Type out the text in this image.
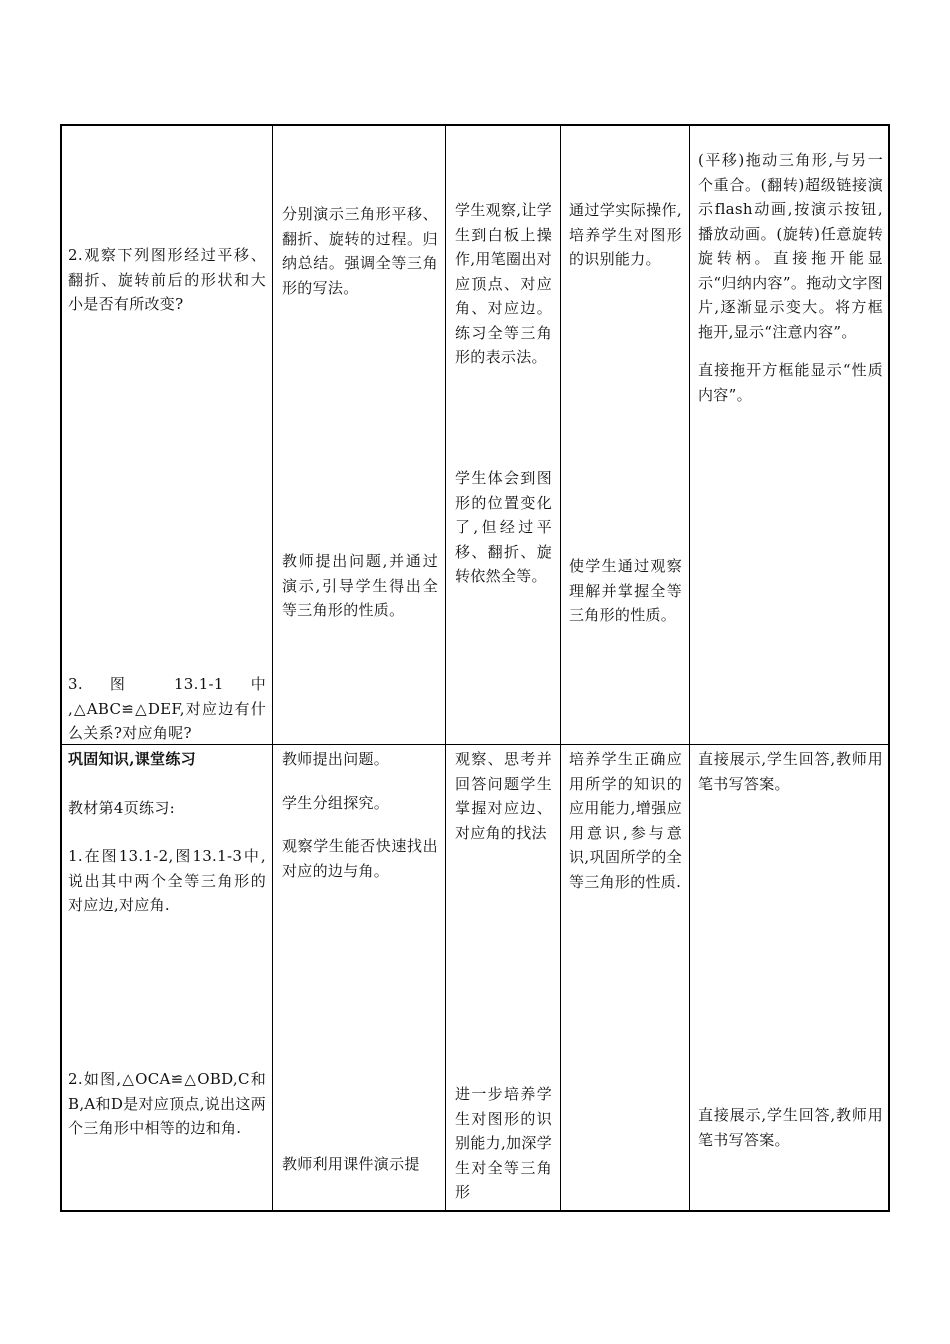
2.观察下列图形经过平移、翻折、旋转前后的形状和大小是否有所改变?

3. 图 13.1-1 中 ,△ABC≌△DEF,对应边有什么关系?对应角呢?

分别演示三角形平移、翻折、旋转的过程。归纳总结。强调全等三角形的写法。

教师提出问题,并通过演示,引导学生得出全等三角形的性质。

学生观察,让学生到白板上操作,用笔圈出对应顶点、对应角、对应边。练习全等三角形的表示法。

学生体会到图形的位置变化了,但经过平移、翻折、旋转依然全等。

通过学实际操作,培养学生对图形的识别能力。

使学生通过观察理解并掌握全等三角形的性质。

(平移)拖动三角形,与另一个重合。(翻转)超级链接演示flash动画,按演示按钮,播放动画。(旋转)任意旋转旋转柄。直接拖开能显示“归纳内容”。拖动文字图片,逐渐显示变大。将方框拖开,显示“注意内容”。

直接拖开方框能显示“性质内容”。

巩固知识,课堂练习

教材第4页练习:

1.在图13.1-2,图13.1-3中,说出其中两个全等三角形的对应边,对应角.

2.如图,△OCA≌△OBD,C和B,A和D是对应顶点,说出这两个三角形中相等的边和角.

教师提出问题。

学生分组探究。

观察学生能否快速找出对应的边与角。

教师利用课件演示提

观察、思考并回答问题学生掌握对应边、对应角的找法

进一步培养学生对图形的识别能力,加深学生对全等三角形

培养学生正确应用所学的知识的应用能力,增强应用意识,参与意识,巩固所学的全等三角形的性质.

直接展示,学生回答,教师用笔书写答案。

直接展示,学生回答,教师用笔书写答案。
